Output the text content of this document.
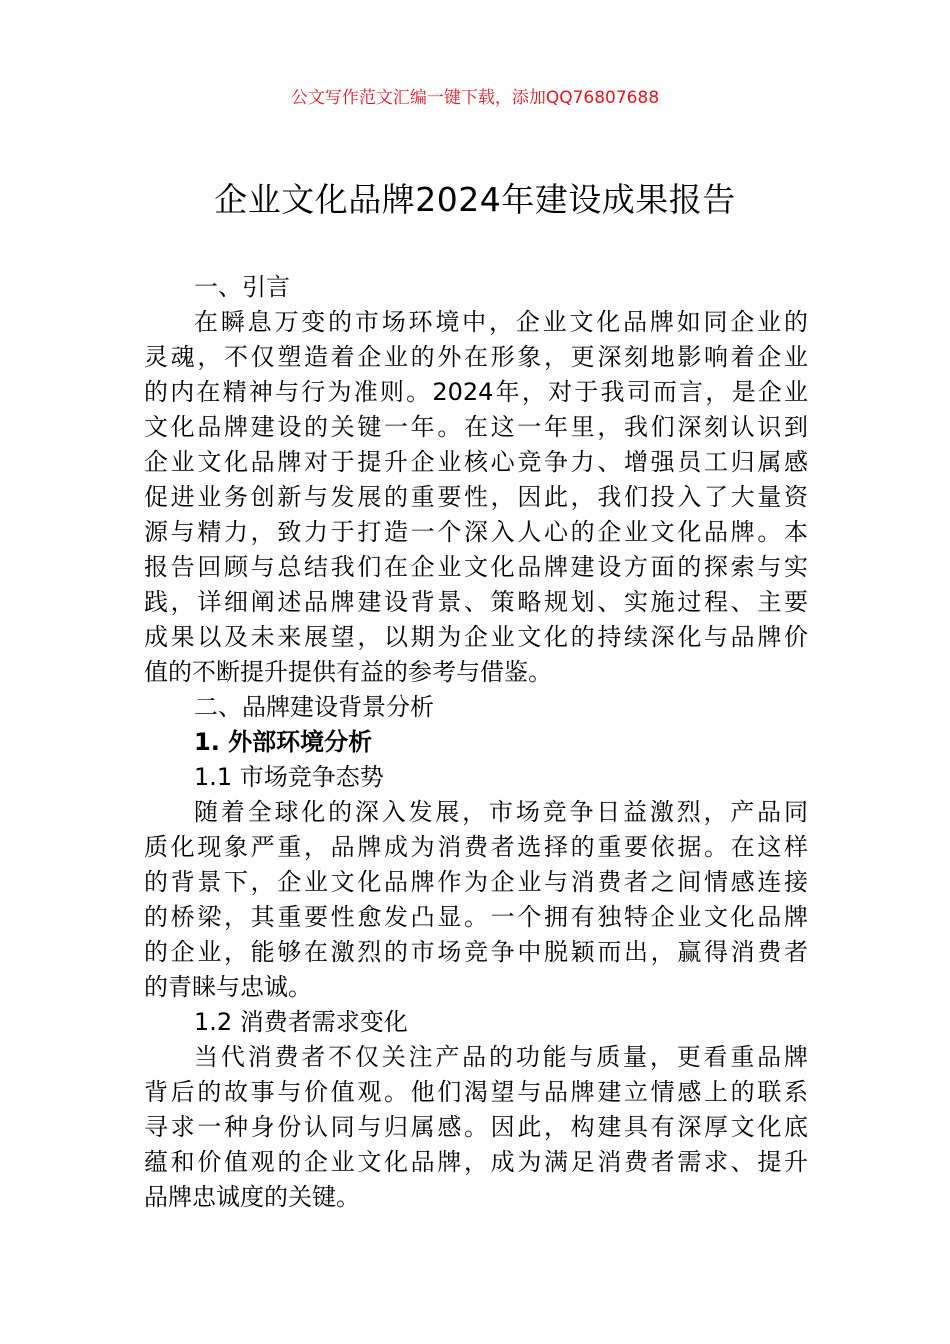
公文写作范文汇编一键下载，添加QQ76807688
企业文化品牌2024年建设成果报告
一、引言
在瞬息万变的市场环境中，企业文化品牌如同企业的
灵魂，不仅塑造着企业的外在形象，更深刻地影响着企业
的内在精神与行为准则。2024年，对于我司而言，是企业
文化品牌建设的关键一年。在这一年里，我们深刻认识到
企业文化品牌对于提升企业核心竞争力、增强员工归属感
促进业务创新与发展的重要性，因此，我们投入了大量资
源与精力，致力于打造一个深入人心的企业文化品牌。本
报告回顾与总结我们在企业文化品牌建设方面的探索与实
践，详细阐述品牌建设背景、策略规划、实施过程、主要
成果以及未来展望，以期为企业文化的持续深化与品牌价
值的不断提升提供有益的参考与借鉴。
二、品牌建设背景分析
1. 外部环境分析
1.1 市场竞争态势
随着全球化的深入发展，市场竞争日益激烈，产品同
质化现象严重，品牌成为消费者选择的重要依据。在这样
的背景下，企业文化品牌作为企业与消费者之间情感连接
的桥梁，其重要性愈发凸显。一个拥有独特企业文化品牌
的企业，能够在激烈的市场竞争中脱颖而出，赢得消费者
的青睐与忠诚。
1.2 消费者需求变化
当代消费者不仅关注产品的功能与质量，更看重品牌
背后的故事与价值观。他们渴望与品牌建立情感上的联系
寻求一种身份认同与归属感。因此，构建具有深厚文化底
蕴和价值观的企业文化品牌，成为满足消费者需求、提升
品牌忠诚度的关键。
